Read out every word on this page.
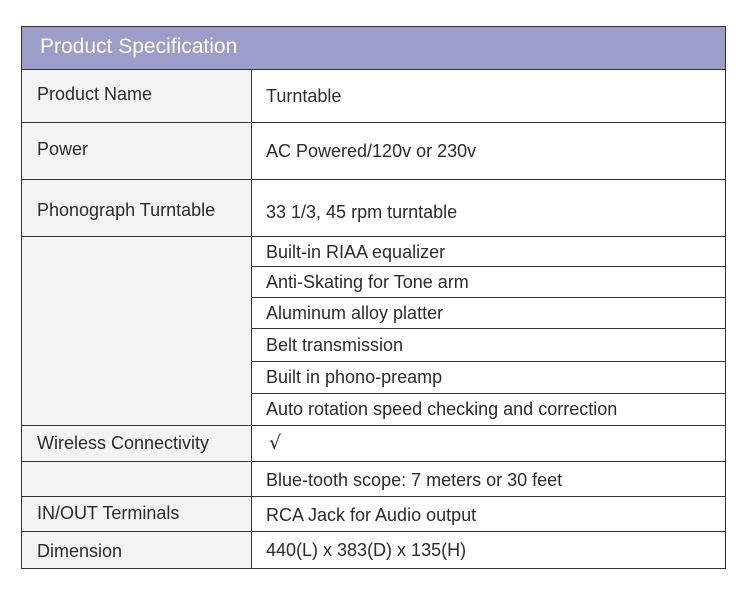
Product Specification
Product Name	Turntable
Power	AC Powered/120v or 230v
Phonograph Turntable	33 1/3, 45 rpm turntable
Built-in RIAA equalizer
Anti-Skating for Tone arm
Aluminum alloy platter
Belt transmission
Built in phono-preamp
Auto rotation speed checking and correction
Wireless Connectivity	√
Blue-tooth scope: 7 meters or 30 feet
IN/OUT Terminals	RCA Jack for Audio output
Dimension	440(L) x 383(D) x 135(H)
